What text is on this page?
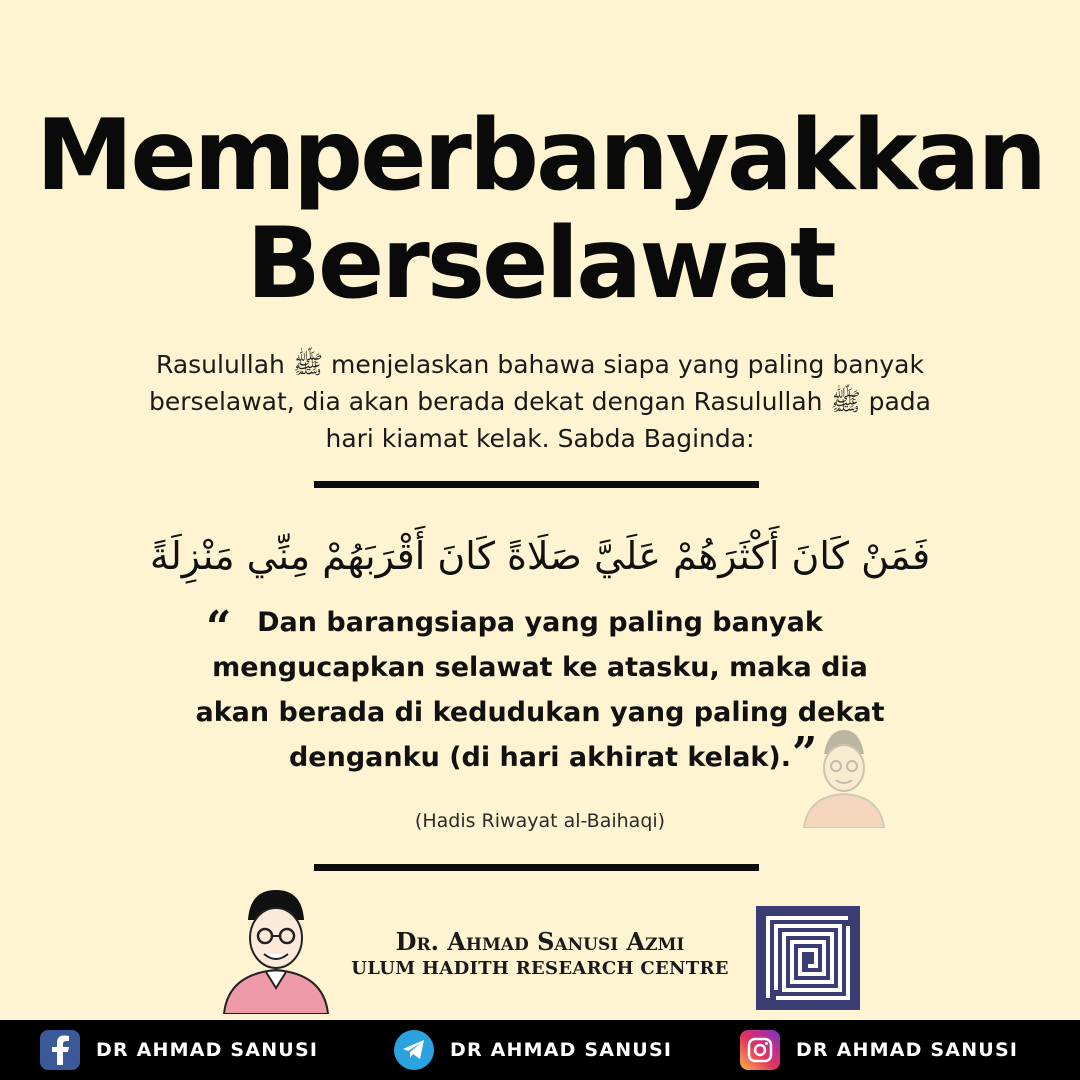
Memperbanyakkan
Berselawat

Rasulullah ﷺ menjelaskan bahawa siapa yang paling banyak
berselawat, dia akan berada dekat dengan Rasulullah ﷺ pada
hari kiamat kelak. Sabda Baginda:

فَمَنْ كَانَ أَكْثَرَهُمْ عَلَيَّ صَلَاةً كَانَ أَقْرَبَهُمْ مِنِّي مَنْزِلَةً

“ Dan barangsiapa yang paling banyak
mengucapkan selawat ke atasku, maka dia
akan berada di kedudukan yang paling dekat
denganku (di hari akhirat kelak). ”
(Hadis Riwayat al-Baihaqi)
Dr. Ahmad Sanusi Azmi
ULUM HADITH RESEARCH CENTRE
DR AHMAD SANUSI	DR AHMAD SANUSI	DR AHMAD SANUSI
